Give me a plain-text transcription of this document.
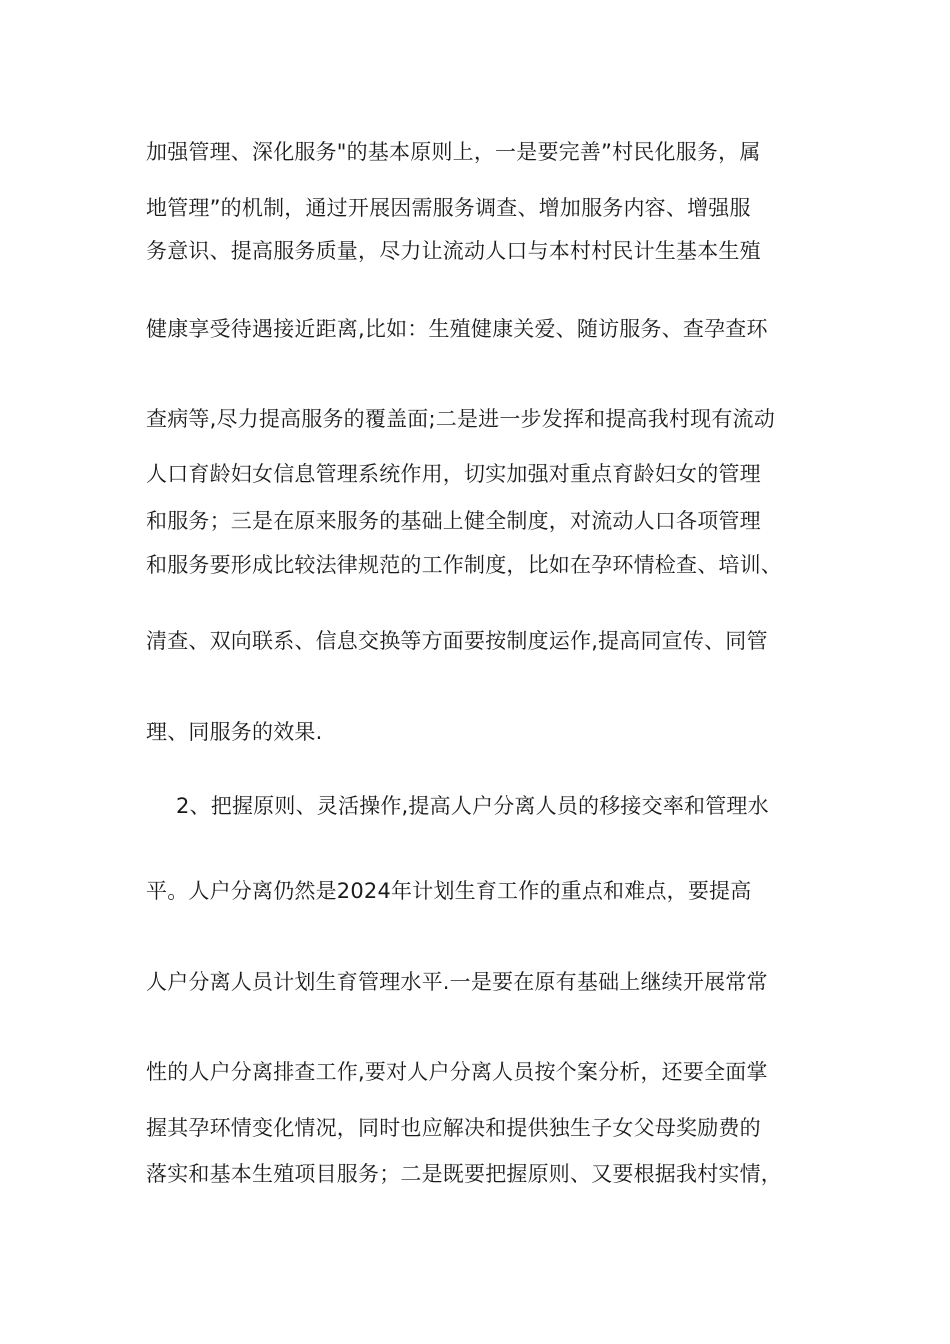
加强管理、深化服务"的基本原则上，一是要完善”村民化服务，属

地管理”的机制，通过开展因需服务调查、增加服务内容、增强服

务意识、提高服务质量，尽力让流动人口与本村村民计生基本生殖

健康享受待遇接近距离,比如：生殖健康关爱、随访服务、查孕查环

查病等,尽力提高服务的覆盖面;二是进一步发挥和提高我村现有流动

人口育龄妇女信息管理系统作用，切实加强对重点育龄妇女的管理

和服务；三是在原来服务的基础上健全制度，对流动人口各项管理

和服务要形成比较法律规范的工作制度，比如在孕环情检查、培训、

清查、双向联系、信息交换等方面要按制度运作,提高同宣传、同管

理、同服务的效果.

2、把握原则、灵活操作,提高人户分离人员的移接交率和管理水

平。人户分离仍然是2024年计划生育工作的重点和难点，要提高

人户分离人员计划生育管理水平.一是要在原有基础上继续开展常常

性的人户分离排查工作,要对人户分离人员按个案分析，还要全面掌

握其孕环情变化情况，同时也应解决和提供独生子女父母奖励费的

落实和基本生殖项目服务；二是既要把握原则、又要根据我村实情，
